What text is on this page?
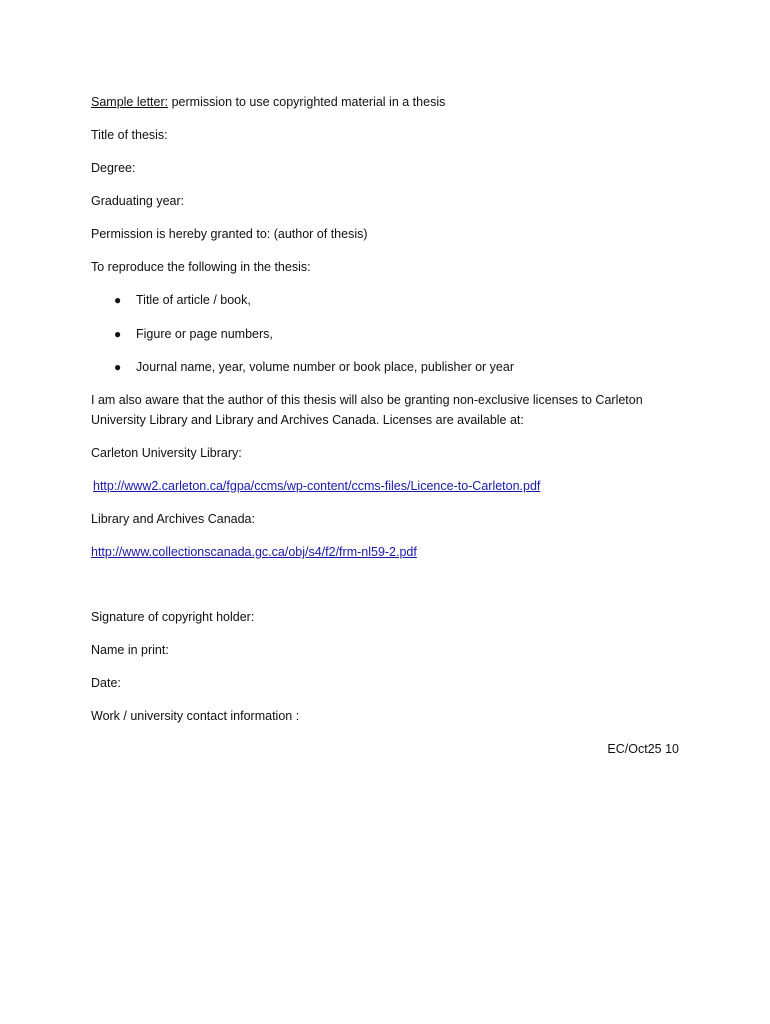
Sample letter: permission to use copyrighted material in a thesis
Title of thesis:
Degree:
Graduating year:
Permission is hereby granted to: (author of thesis)
To reproduce the following in the thesis:
● Title of article / book,
● Figure or page numbers,
● Journal name, year, volume number or book place, publisher or year
I am also aware that the author of this thesis will also be granting non-exclusive licenses to Carleton University Library and Library and Archives Canada. Licenses are available at:
Carleton University Library:
http://www2.carleton.ca/fgpa/ccms/wp-content/ccms-files/Licence-to-Carleton.pdf
Library and Archives Canada:
http://www.collectionscanada.gc.ca/obj/s4/f2/frm-nl59-2.pdf
Signature of copyright holder:
Name in print:
Date:
Work / university contact information :
EC/Oct25 10
